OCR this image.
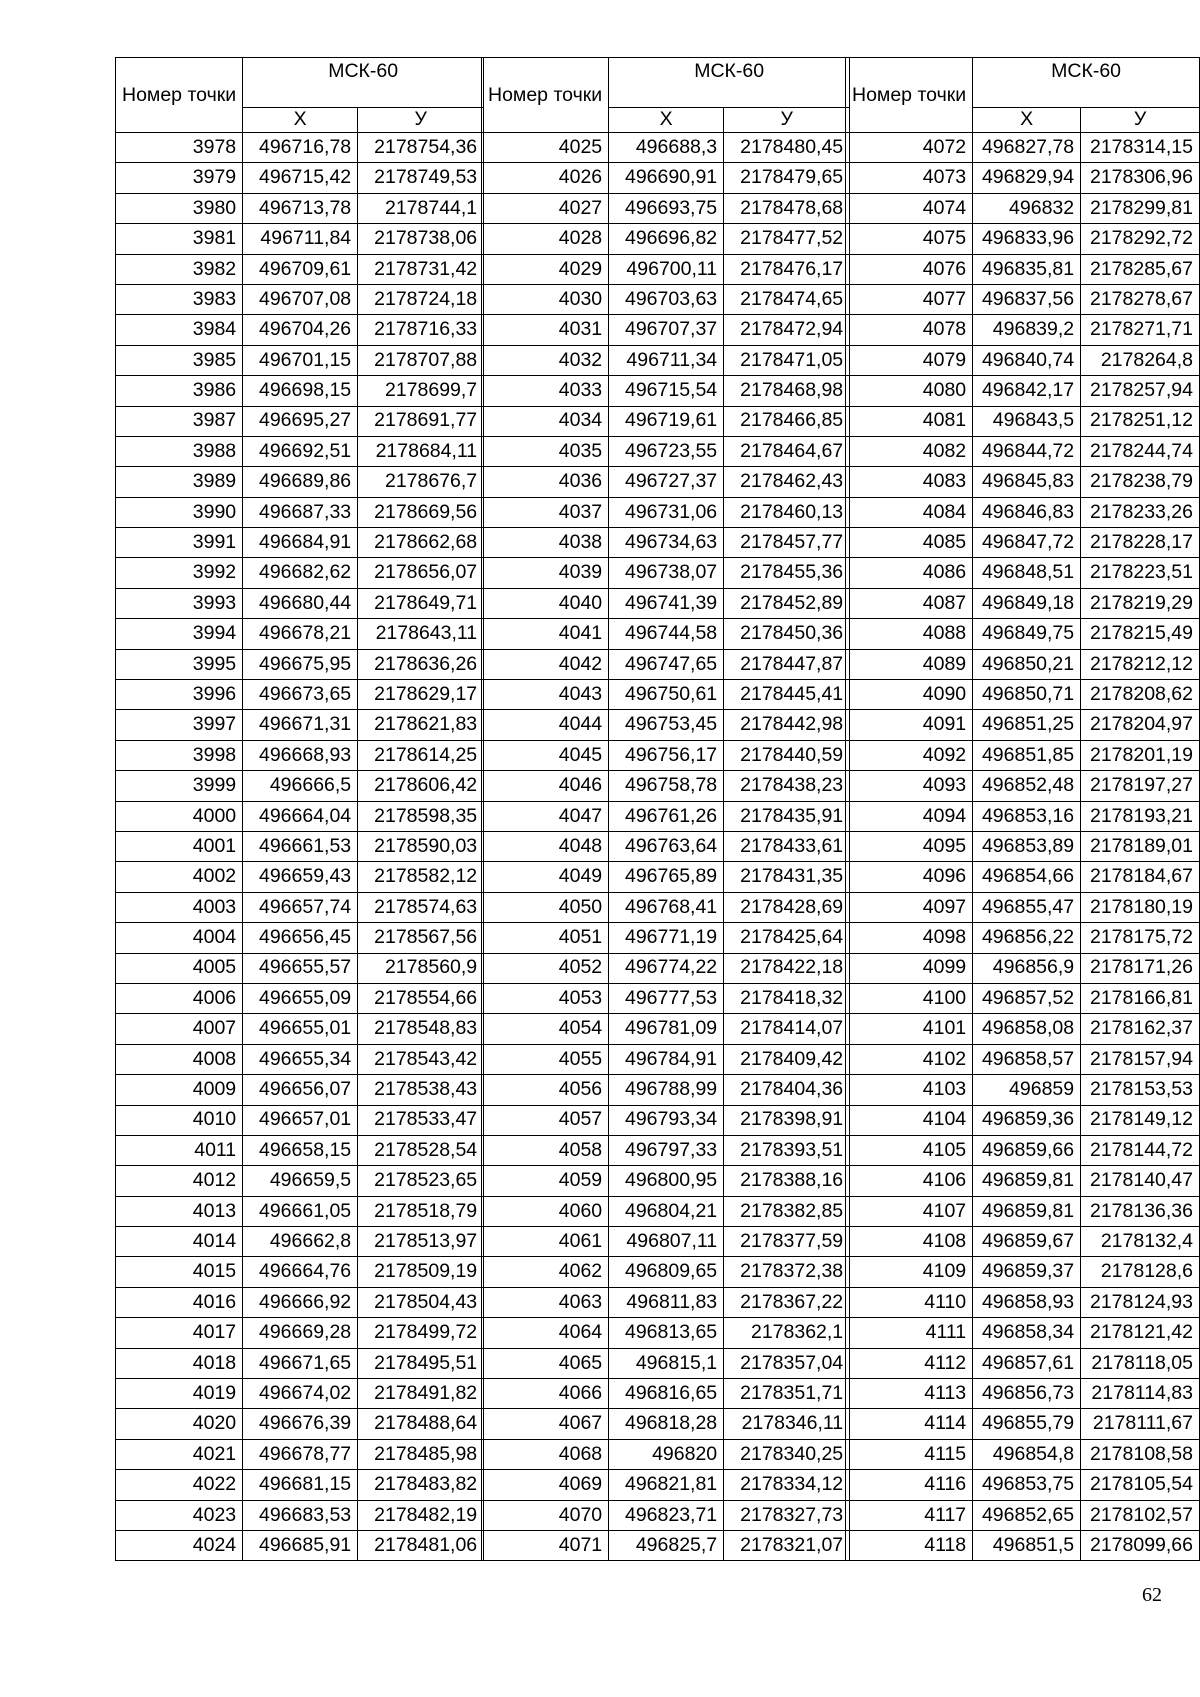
Номер точки	МСК-60	
	Х	У
3978	496716,78	2178754,36
3979	496715,42	2178749,53
3980	496713,78	2178744,1
3981	496711,84	2178738,06
3982	496709,61	2178731,42
3983	496707,08	2178724,18
3984	496704,26	2178716,33
3985	496701,15	2178707,88
3986	496698,15	2178699,7
3987	496695,27	2178691,77
3988	496692,51	2178684,11
3989	496689,86	2178676,7
3990	496687,33	2178669,56
3991	496684,91	2178662,68
3992	496682,62	2178656,07
3993	496680,44	2178649,71
3994	496678,21	2178643,11
3995	496675,95	2178636,26
3996	496673,65	2178629,17
3997	496671,31	2178621,83
3998	496668,93	2178614,25
3999	496666,5	2178606,42
4000	496664,04	2178598,35
4001	496661,53	2178590,03
4002	496659,43	2178582,12
4003	496657,74	2178574,63
4004	496656,45	2178567,56
4005	496655,57	2178560,9
4006	496655,09	2178554,66
4007	496655,01	2178548,83
4008	496655,34	2178543,42
4009	496656,07	2178538,43
4010	496657,01	2178533,47
4011	496658,15	2178528,54
4012	496659,5	2178523,65
4013	496661,05	2178518,79
4014	496662,8	2178513,97
4015	496664,76	2178509,19
4016	496666,92	2178504,43
4017	496669,28	2178499,72
4018	496671,65	2178495,51
4019	496674,02	2178491,82
4020	496676,39	2178488,64
4021	496678,77	2178485,98
4022	496681,15	2178483,82
4023	496683,53	2178482,19
4024	496685,91	2178481,06
Номер точки	МСК-60	
	Х	У
4025	496688,3	2178480,45
4026	496690,91	2178479,65
4027	496693,75	2178478,68
4028	496696,82	2178477,52
4029	496700,11	2178476,17
4030	496703,63	2178474,65
4031	496707,37	2178472,94
4032	496711,34	2178471,05
4033	496715,54	2178468,98
4034	496719,61	2178466,85
4035	496723,55	2178464,67
4036	496727,37	2178462,43
4037	496731,06	2178460,13
4038	496734,63	2178457,77
4039	496738,07	2178455,36
4040	496741,39	2178452,89
4041	496744,58	2178450,36
4042	496747,65	2178447,87
4043	496750,61	2178445,41
4044	496753,45	2178442,98
4045	496756,17	2178440,59
4046	496758,78	2178438,23
4047	496761,26	2178435,91
4048	496763,64	2178433,61
4049	496765,89	2178431,35
4050	496768,41	2178428,69
4051	496771,19	2178425,64
4052	496774,22	2178422,18
4053	496777,53	2178418,32
4054	496781,09	2178414,07
4055	496784,91	2178409,42
4056	496788,99	2178404,36
4057	496793,34	2178398,91
4058	496797,33	2178393,51
4059	496800,95	2178388,16
4060	496804,21	2178382,85
4061	496807,11	2178377,59
4062	496809,65	2178372,38
4063	496811,83	2178367,22
4064	496813,65	2178362,1
4065	496815,1	2178357,04
4066	496816,65	2178351,71
4067	496818,28	2178346,11
4068	496820	2178340,25
4069	496821,81	2178334,12
4070	496823,71	2178327,73
4071	496825,7	2178321,07
Номер точки	МСК-60	
	Х	У
4072	496827,78	2178314,15
4073	496829,94	2178306,96
4074	496832	2178299,81
4075	496833,96	2178292,72
4076	496835,81	2178285,67
4077	496837,56	2178278,67
4078	496839,2	2178271,71
4079	496840,74	2178264,8
4080	496842,17	2178257,94
4081	496843,5	2178251,12
4082	496844,72	2178244,74
4083	496845,83	2178238,79
4084	496846,83	2178233,26
4085	496847,72	2178228,17
4086	496848,51	2178223,51
4087	496849,18	2178219,29
4088	496849,75	2178215,49
4089	496850,21	2178212,12
4090	496850,71	2178208,62
4091	496851,25	2178204,97
4092	496851,85	2178201,19
4093	496852,48	2178197,27
4094	496853,16	2178193,21
4095	496853,89	2178189,01
4096	496854,66	2178184,67
4097	496855,47	2178180,19
4098	496856,22	2178175,72
4099	496856,9	2178171,26
4100	496857,52	2178166,81
4101	496858,08	2178162,37
4102	496858,57	2178157,94
4103	496859	2178153,53
4104	496859,36	2178149,12
4105	496859,66	2178144,72
4106	496859,81	2178140,47
4107	496859,81	2178136,36
4108	496859,67	2178132,4
4109	496859,37	2178128,6
4110	496858,93	2178124,93
4111	496858,34	2178121,42
4112	496857,61	2178118,05
4113	496856,73	2178114,83
4114	496855,79	2178111,67
4115	496854,8	2178108,58
4116	496853,75	2178105,54
4117	496852,65	2178102,57
4118	496851,5	2178099,66
62
